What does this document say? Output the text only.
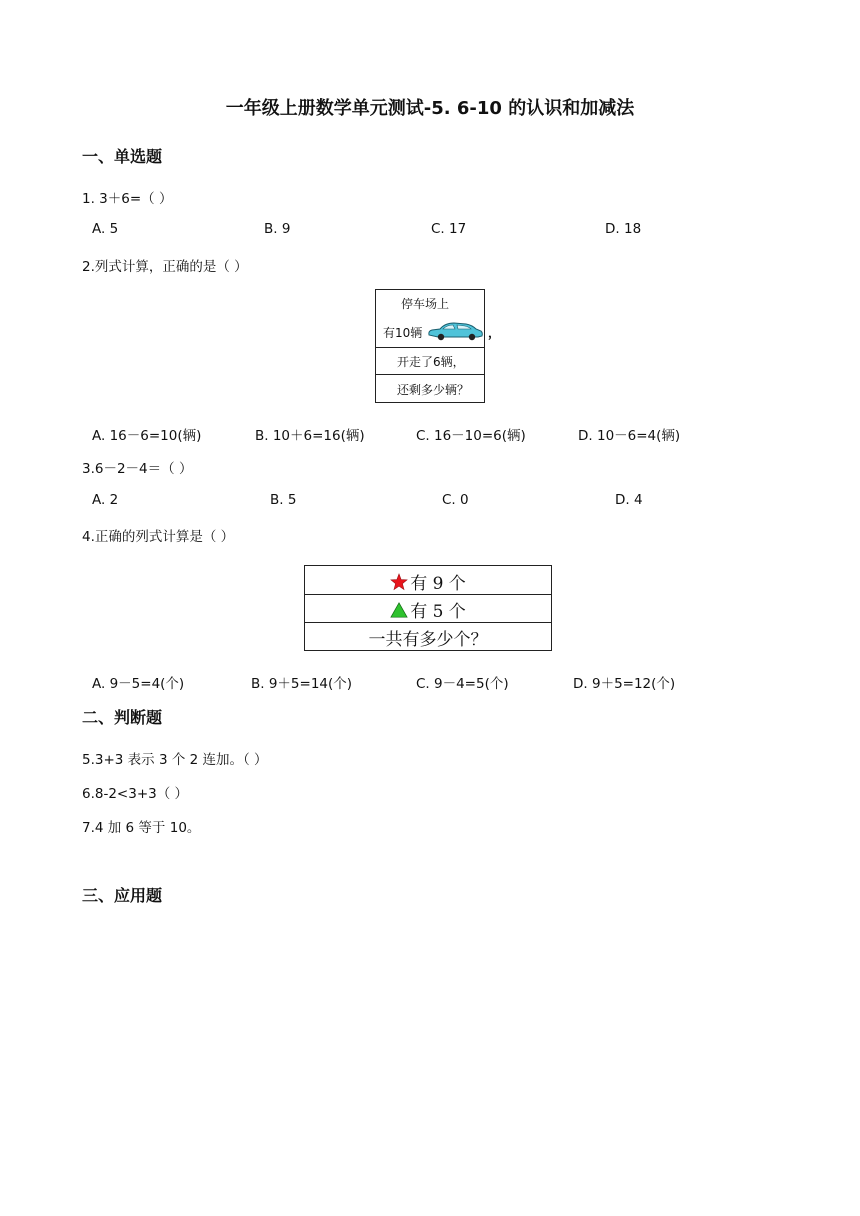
一年级上册数学单元测试-5. 6-10 的认识和加减法
一、单选题
1. 3＋6=（ ）
A. 5	B. 9	C. 17	D. 18
2.列式计算，正确的是（ ）
停车场上
有10辆	，
开走了6辆，
还剩多少辆？
A. 16－6=10(辆)	B. 10＋6=16(辆)	C. 16－10=6(辆)	D. 10－6=4(辆)
3.6－2－4＝（ ）
A. 2	B. 5	C. 0	D. 4
4.正确的列式计算是（ ）
有 9 个
有 5 个
一共有多少个？
A. 9－5=4(个)	B. 9＋5=14(个)	C. 9－4=5(个)	D. 9＋5=12(个)
二、判断题
5.3+3 表示 3 个 2 连加。（ ）
6.8-2<3+3（ ）
7.4 加 6 等于 10。
三、应用题
